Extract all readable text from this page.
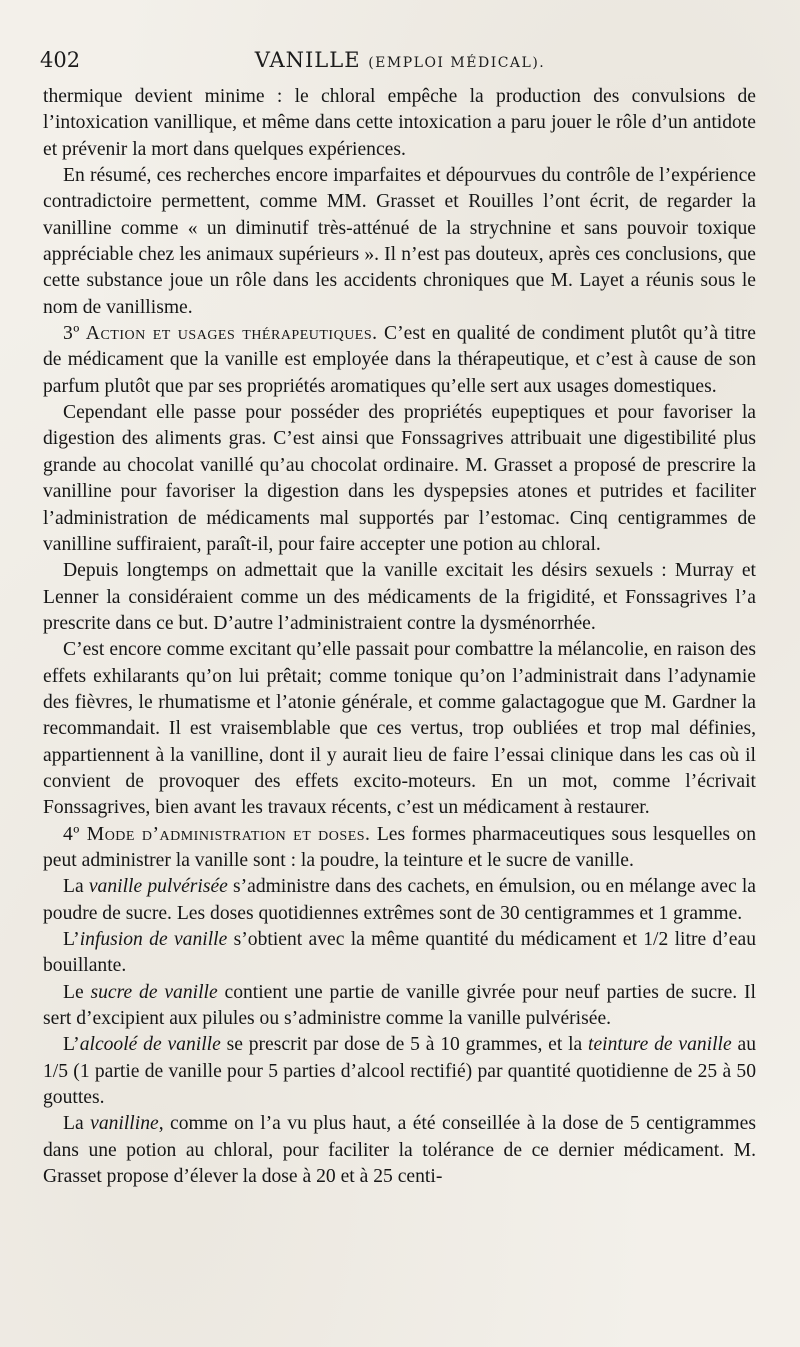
402	VANILLE (EMPLOI MÉDICAL).

thermique devient minime : le chloral empêche la production des convulsions de l’intoxication vanillique, et même dans cette intoxication a paru jouer le rôle d’un antidote et prévenir la mort dans quelques expériences.

En résumé, ces recherches encore imparfaites et dépourvues du contrôle de l’expérience contradictoire permettent, comme MM. Grasset et Rouilles l’ont écrit, de regarder la vanilline comme « un diminutif très-atténué de la strychnine et sans pouvoir toxique appréciable chez les animaux supérieurs ». Il n’est pas douteux, après ces conclusions, que cette substance joue un rôle dans les accidents chroniques que M. Layet a réunis sous le nom de vanillisme.

3º Action et usages thérapeutiques. C’est en qualité de condiment plutôt qu’à titre de médicament que la vanille est employée dans la thérapeutique, et c’est à cause de son parfum plutôt que par ses propriétés aromatiques qu’elle sert aux usages domestiques.

Cependant elle passe pour posséder des propriétés eupeptiques et pour favoriser la digestion des aliments gras. C’est ainsi que Fonssagrives attribuait une digestibilité plus grande au chocolat vanillé qu’au chocolat ordinaire. M. Grasset a proposé de prescrire la vanilline pour favoriser la digestion dans les dyspepsies atones et putrides et faciliter l’administration de médicaments mal supportés par l’estomac. Cinq centigrammes de vanilline suffiraient, paraît-il, pour faire accepter une potion au chloral.

Depuis longtemps on admettait que la vanille excitait les désirs sexuels : Murray et Lenner la considéraient comme un des médicaments de la frigidité, et Fonssagrives l’a prescrite dans ce but. D’autre l’administraient contre la dysménorrhée.

C’est encore comme excitant qu’elle passait pour combattre la mélancolie, en raison des effets exhilarants qu’on lui prêtait; comme tonique qu’on l’administrait dans l’adynamie des fièvres, le rhumatisme et l’atonie générale, et comme galactagogue que M. Gardner la recommandait. Il est vraisemblable que ces vertus, trop oubliées et trop mal définies, appartiennent à la vanilline, dont il y aurait lieu de faire l’essai clinique dans les cas où il convient de provoquer des effets excito-moteurs. En un mot, comme l’écrivait Fonssagrives, bien avant les travaux récents, c’est un médicament à restaurer.

4º Mode d’administration et doses. Les formes pharmaceutiques sous lesquelles on peut administrer la vanille sont : la poudre, la teinture et le sucre de vanille.

La vanille pulvérisée s’administre dans des cachets, en émulsion, ou en mélange avec la poudre de sucre. Les doses quotidiennes extrêmes sont de 30 centigrammes et 1 gramme.

L’infusion de vanille s’obtient avec la même quantité du médicament et 1/2 litre d’eau bouillante.

Le sucre de vanille contient une partie de vanille givrée pour neuf parties de sucre. Il sert d’excipient aux pilules ou s’administre comme la vanille pulvérisée.

L’alcoolé de vanille se prescrit par dose de 5 à 10 grammes, et la teinture de vanille au 1/5 (1 partie de vanille pour 5 parties d’alcool rectifié) par quantité quotidienne de 25 à 50 gouttes.

La vanilline, comme on l’a vu plus haut, a été conseillée à la dose de 5 centigrammes dans une potion au chloral, pour faciliter la tolérance de ce dernier médicament. M. Grasset propose d’élever la dose à 20 et à 25 centi-
